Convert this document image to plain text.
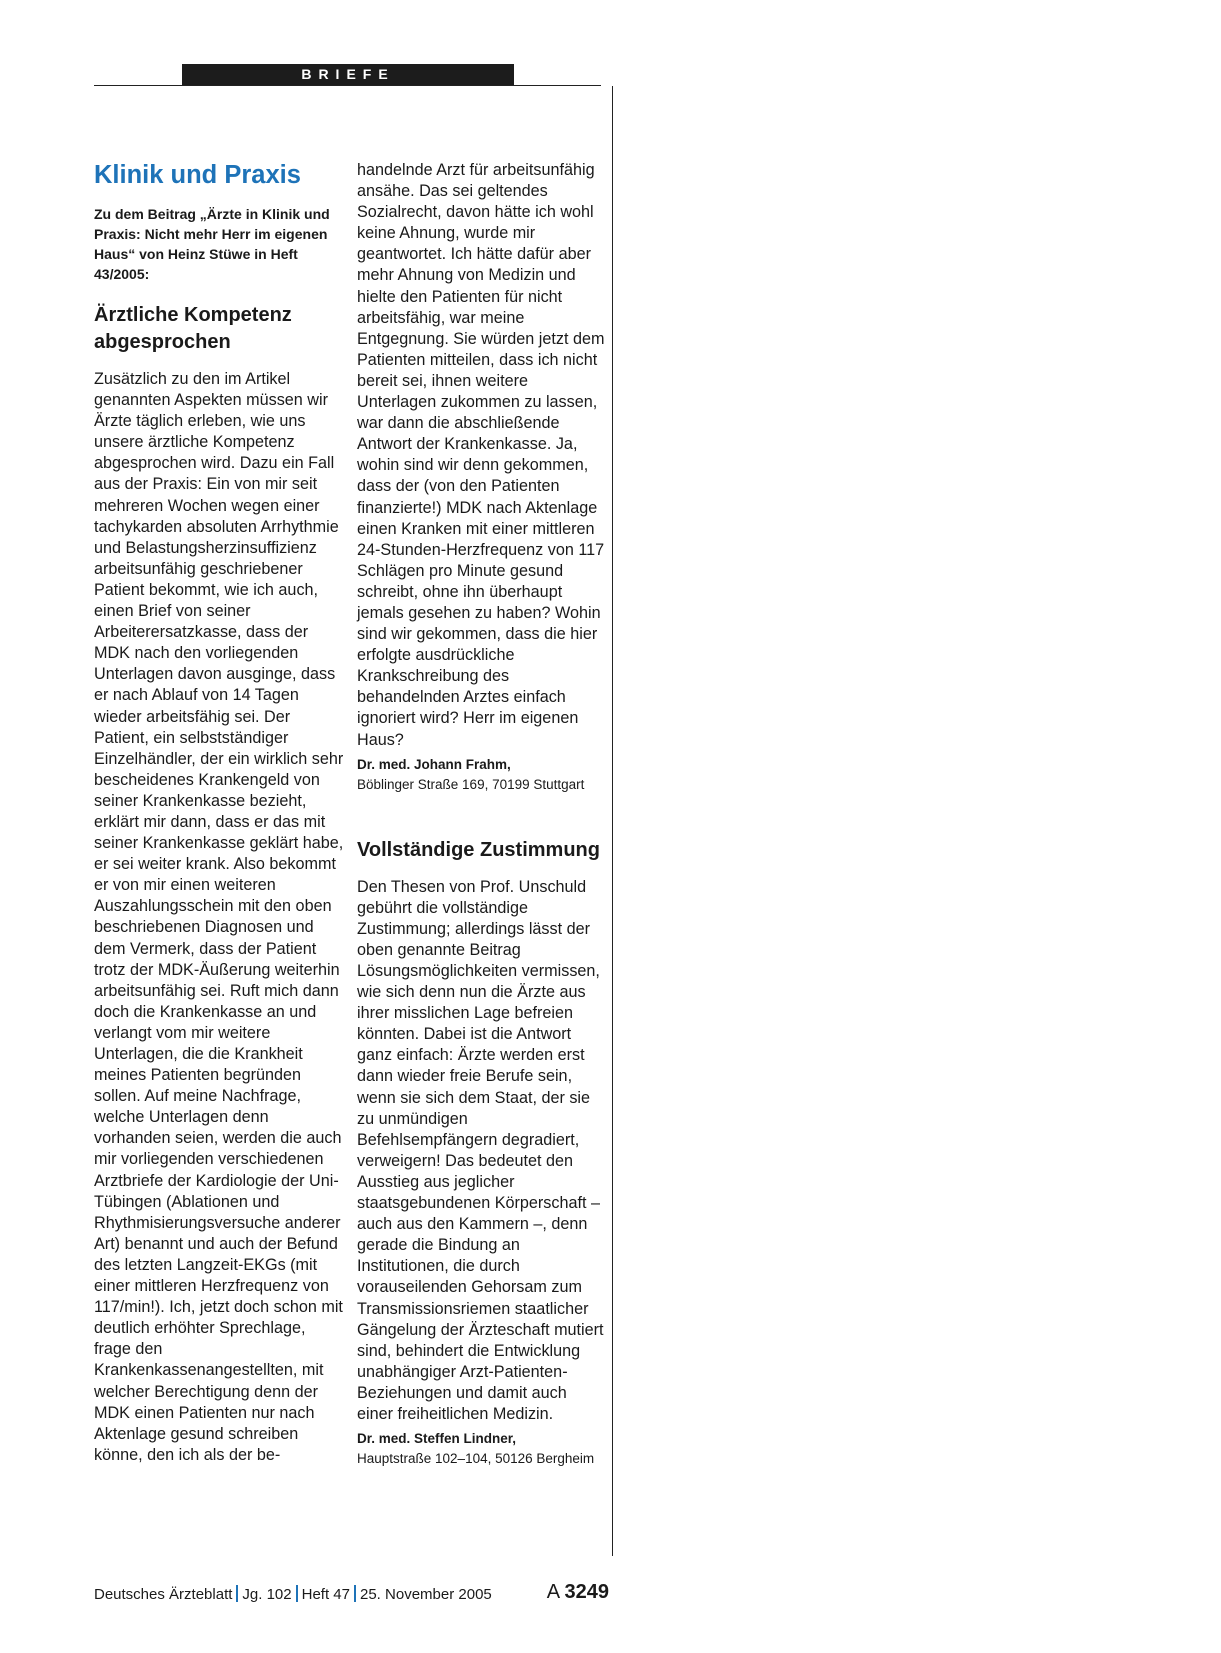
BRIEFE
Klinik und Praxis

Zu dem Beitrag „Ärzte in Klinik und Praxis: Nicht mehr Herr im eigenen Haus“ von Heinz Stüwe in Heft 43/2005:

Ärztliche Kompetenz abgesprochen

Zusätzlich zu den im Artikel genannten Aspekten müssen wir Ärzte täglich erleben, wie uns unsere ärztliche Kompetenz abgesprochen wird. Dazu ein Fall aus der Praxis: Ein von mir seit mehreren Wochen wegen einer tachykarden absoluten Arrhythmie und Belastungsherzinsuffizienz arbeitsunfähig geschriebener Patient bekommt, wie ich auch, einen Brief von seiner Arbeiterersatzkasse, dass der MDK nach den vorliegenden Unterlagen davon ausginge, dass er nach Ablauf von 14 Tagen wieder arbeitsfähig sei. Der Patient, ein selbstständiger Einzelhändler, der ein wirklich sehr bescheidenes Krankengeld von seiner Krankenkasse bezieht, erklärt mir dann, dass er das mit seiner Krankenkasse geklärt habe, er sei weiter krank. Also bekommt er von mir einen weiteren Auszahlungsschein mit den oben beschriebenen Diagnosen und dem Vermerk, dass der Patient trotz der MDK-Äußerung weiterhin arbeitsunfähig sei. Ruft mich dann doch die Krankenkasse an und verlangt vom mir weitere Unterlagen, die die Krankheit meines Patienten begründen sollen. Auf meine Nachfrage, welche Unterlagen denn vorhanden seien, werden die auch mir vorliegenden verschiedenen Arztbriefe der Kardiologie der Uni-Tübingen (Ablationen und Rhythmisierungsversuche anderer Art) benannt und auch der Befund des letzten Langzeit-EKGs (mit einer mittleren Herzfrequenz von 117/min!). Ich, jetzt doch schon mit deutlich erhöhter Sprechlage, frage den Krankenkassenangestellten, mit welcher Berechtigung denn der MDK einen Patienten nur nach Aktenlage gesund schreiben könne, den ich als der be-

handelnde Arzt für arbeitsunfähig ansähe. Das sei geltendes Sozialrecht, davon hätte ich wohl keine Ahnung, wurde mir geantwortet. Ich hätte dafür aber mehr Ahnung von Medizin und hielte den Patienten für nicht arbeitsfähig, war meine Entgegnung. Sie würden jetzt dem Patienten mitteilen, dass ich nicht bereit sei, ihnen weitere Unterlagen zukommen zu lassen, war dann die abschließende Antwort der Krankenkasse. Ja, wohin sind wir denn gekommen, dass der (von den Patienten finanzierte!) MDK nach Aktenlage einen Kranken mit einer mittleren 24-Stunden-Herzfrequenz von 117 Schlägen pro Minute gesund schreibt, ohne ihn überhaupt jemals gesehen zu haben? Wohin sind wir gekommen, dass die hier erfolgte ausdrückliche Krankschreibung des behandelnden Arztes einfach ignoriert wird? Herr im eigenen Haus?

Dr. med. Johann Frahm,

Böblinger Straße 169, 70199 Stuttgart

Vollständige Zustimmung

Den Thesen von Prof. Unschuld gebührt die vollständige Zustimmung; allerdings lässt der oben genannte Beitrag Lösungsmöglichkeiten vermissen, wie sich denn nun die Ärzte aus ihrer misslichen Lage befreien könnten. Dabei ist die Antwort ganz einfach: Ärzte werden erst dann wieder freie Berufe sein, wenn sie sich dem Staat, der sie zu unmündigen Befehlsempfängern degradiert, verweigern! Das bedeutet den Ausstieg aus jeglicher staatsgebundenen Körperschaft – auch aus den Kammern –, denn gerade die Bindung an Institutionen, die durch vorauseilenden Gehorsam zum Transmissionsriemen staatlicher Gängelung der Ärzteschaft mutiert sind, behindert die Entwicklung unabhängiger Arzt-Patienten-Beziehungen und damit auch einer freiheitlichen Medizin.

Dr. med. Steffen Lindner,

Hauptstraße 102–104, 50126 Bergheim

Deutsches Ärzteblatt Jg. 102 Heft 47 25. November 2005	A 3249
